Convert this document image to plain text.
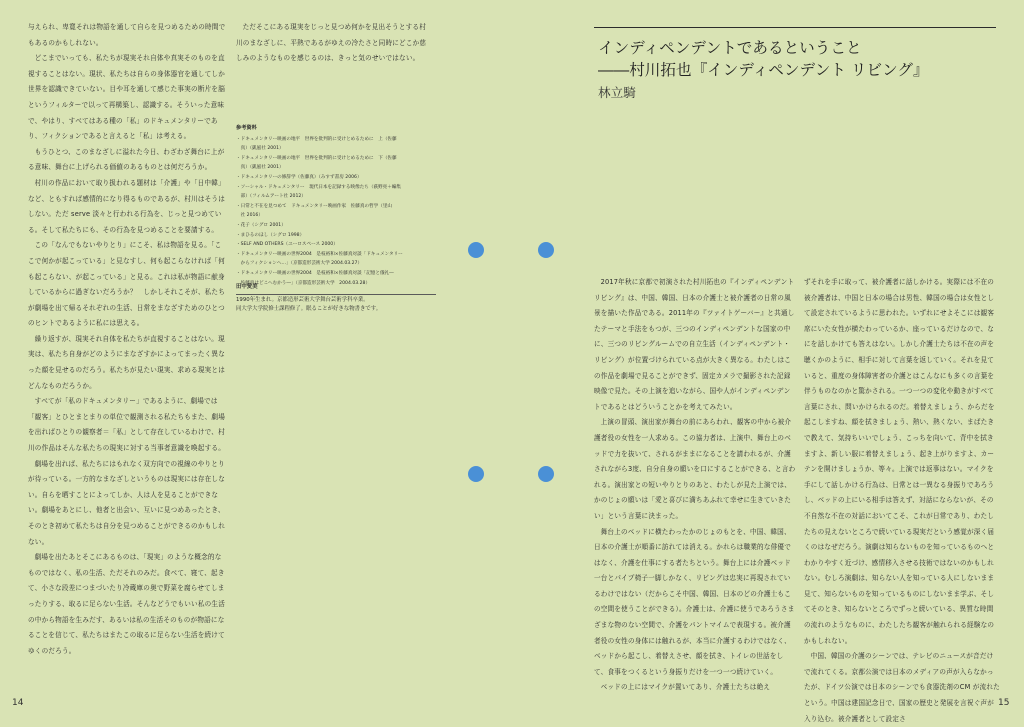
与えられ、卑寛それは物語を通して自らを見つめるための時間でもあるのかもしれない。

どこまでいっても、私たちが現実それ自体や真実そのものを直視することはない。現状、私たちは自らの身体器官を通してしか世界を認識できていない。目や耳を通して感じた事実の断片を脳というフィルターで以って再構築し、認識する。そういった意味で、やはり、すべてはある種の「私」のドキュメンタリーであり、フィクションであると言えると「私」は考える。

もうひとつ、このまなざしに溢れた今日、わざわざ舞台に上がる意味、舞台に上げられる価値のあるものとは何だろうか。

村川の作品において取り扱われる題材は「介護」や「日中韓」など、ともすれば感情的になり得るものであるが、村川はそうはしない。ただ serve 淡々と行われる行為を、じっと見つめている。そして私たちにも、その行為を見つめることを要請する。

この「なんでもないやりとり」にこそ、私は物語を見る。「ここで何かが起こっている」と見なすし、何も起こらなければ「何も起こらない、が起こっている」と見る。これは私が物語に献身しているからに過ぎないだろうか？　しかしそれこそが、私たちが劇場を出て帰るそれぞれの生活、日常をまなざすためのひとつのヒントであるように私には思える。

繰り返すが、現実それ自体を私たちが直視することはない。現実は、私たち自身がどのようにまなざすかによってまったく異なった顔を見せるのだろう。私たちが見たい現実、求める現実とはどんなものだろうか。

すべてが「私のドキュメンタリー」であるように、劇場では「観客」とひとまとまりの単位で観測される私たちもまた、劇場を出ればひとりの観察者＝「私」として存在しているわけで、村川の作品はそんな私たちの現実に対する当事者意識を喚起する。

劇場を出れば、私たちにはもれなく双方向での視線のやりとりが待っている。一方的なまなざしというものは現実には存在しない。自らを晒すことによってしか、人は人を見ることができない。劇場をあとにし、他者と出会い、互いに見つめあったとき、そのとき初めて私たちは自分を見つめることができるのかもしれない。

劇場を出たあとそこにあるものは、「現実」のような概念的なものではなく、私の生活、ただそれのみだ。食べて、寝て、起きて、小さな段差につまづいたり冷蔵庫の奥で野菜を腐らせてしまったりする、取るに足らない生活。そんなどうでもいい私の生活の中から物語を生みだす、あるいは私の生活そのものが物語になることを信じて、私たちはまたこの取るに足らない生活を続けてゆくのだろう。

ただそこにある現実をじっと見つめ何かを見出そうとする村川のまなざしに、平熱であるがゆえの冷たさと同時にどこか慈しみのようなものを感じるのは、きっと気のせいではない。

参考資料
・ドキュメンタリー映画の地平　世界を批判的に受けとめるために　上（佐藤
　真）（凱風社 2001）
・ドキュメンタリー映画の地平　世界を批判的に受けとめるために　下（佐藤
　真）（凱風社 2001）
・ドキュメンタリーの修辞学（佐藤真）（みすず書房 2006）
・ソーシャル・ドキュメンタリー　現代日本を記録する映像たち（萩野亮＋編集
　部）（フィルムアート社 2012）
・日常と不在を見つめて　ドキュメンタリー映画作家　佐藤真の哲学（里山
　社 2016）
・花子（シグロ 2001）
・まひるのほし（シグロ 1998）
・SELF AND OTHERS（ユーロスペース 2000）
・ドキュメンタリー映画の世界2004　是枝裕和×佐藤真対談「ドキュメンタリー
　からフィクションへ…」（京都造形芸術大学 2004.03.27）
・ドキュメンタリー映画の世界2004　是枝裕和×佐藤真対談「記憶と儀礼―
　佐藤真はどこへむかう―」（京都造形芸術大学　2004.03.28）
田中愛美
1990年生まれ。京都造形芸術大学舞台芸術学科卒業。
同大学大学院修士課程修了。眠ることが好きな物書きです。
インディペンデントであるということ
――村川拓也『インディペンデント リビング』
林立騎

2017年秋に京都で初演された村川拓也の『インディペンデント リビング』は、中国、韓国、日本の介護士と被介護者の日常の風景を描いた作品である。2011年の『ツァイトゲーバー』と共通したテーマと手法をもつが、三つのインディペンデントな国家の中に、三つのリビングルームでの自立生活（インディペンデント・リビング）が位置づけられている点が大きく異なる。わたしはこの作品を劇場で見ることができず、固定カメラで撮影された記録映像で見た。その上演を追いながら、国や人がインディペンデントであるとはどういうことかを考えてみたい。

上演の冒頭、演出家が舞台の前にあらわれ、観客の中から被介護者役の女性を一人求める。この協力者は、上演中、舞台上のベッドで力を抜いて、されるがままになることを請われるが、介護されながら3度、自分自身の願いを口にすることができる、と言われる。演出家との短いやりとりのあと、わたしが見た上演では、かのじょの願いは「愛と喜びに満ちあふれて幸せに生きていきたい」という言葉に決まった。

舞台上のベッドに横たわったかのじょのもとを、中国、韓国、日本の介護士が順番に訪れては消える。かれらは職業的な俳優ではなく、介護を仕事にする者たちという。舞台上には介護ベッド一台とパイプ椅子一脚しかなく、リビングは忠実に再現されているわけではない（だからこそ中国、韓国、日本のどの介護士もこの空間を使うことができる）。介護士は、介護に使うであろうさまざまな物のない空間で、介護をパントマイムで表現する。被介護者役の女性の身体には触れるが、本当に介護するわけではなく、ベッドから起こし、着替えさせ、顔を拭き、トイレの世話をして、食事をつくるという身振りだけを一つ一つ続けていく。

ベッドの上にはマイクが置いてあり、介護士たちは絶え

ずそれを手に取って、被介護者に話しかける。実際には不在の被介護者は、中国と日本の場合は男性、韓国の場合は女性として設定されているように思われた。いずれにせよそこには観客席にいた女性が横たわっているか、座っているだけなので、なにを話しかけても答えはない。しかし介護士たちは不在の声を聴くかのように、相手に対して言葉を返していく。それを見ていると、重度の身体障害者の介護とはこんなにも多くの言葉を伴うものなのかと驚かされる。一つ一つの変化や動きがすべて言葉にされ、問いかけられるのだ。着替えましょう、からだを起こしますね、顔を拭きましょう、熱い、熱くない、まばたきで教えて、気持ちいいでしょう、こっちを向いて、背中を拭きますよ、新しい服に着替えましょう、起き上がりますよ、カーテンを開けましょうか、等々。上演では返事はない。マイクを手にして話しかける行為は、日常とは一異なる身振りであろうし、ベッドの上にいる相手は答えず、対話にならないが、その不自然な不在の対話においてこそ、これが日常であり、わたしたちの見えないところで続いている現実だという感覚が深く届くのはなぜだろう。演劇は知らないものを知っているものへとわかりやすく近づけ、感情移入させる技術ではないのかもしれない。むしろ演劇は、知らない人を知っている人にしないまま見て、知らないものを知っているものにしないまま学ぶ、そしてそのとき、知らないところでずっと続いている、異質な時間の流れのようなものに、わたしたち観客が触れられる経験なのかもしれない。

中国、韓国の介護のシーンでは、テレビのニュースが音だけで流れてくる。京都公演では日本のメディアの声が入らなかったが、ドイツ公演では日本のシーンでも食器洗剤のCM が流れたという。中国は建国記念日で、国家の歴史と発展を言祝ぐ声が入り込む。被介護者として設定さ

14	15
